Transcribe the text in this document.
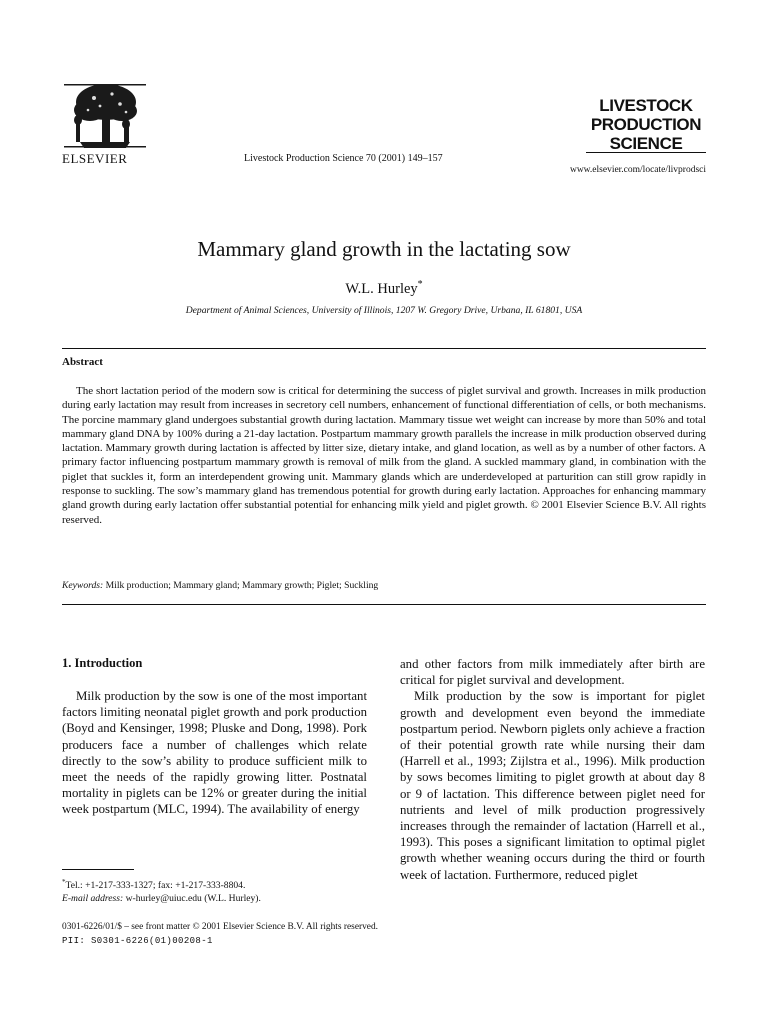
ELSEVIER	Livestock Production Science 70 (2001) 149–157
LIVESTOCK
PRODUCTION
SCIENCE
www.elsevier.com/locate/livprodsci
Mammary gland growth in the lactating sow
W.L. Hurley*
Department of Animal Sciences, University of Illinois, 1207 W. Gregory Drive, Urbana, IL 61801, USA
Abstract

The short lactation period of the modern sow is critical for determining the success of piglet survival and growth. Increases in milk production during early lactation may result from increases in secretory cell numbers, enhancement of functional differentiation of cells, or both mechanisms. The porcine mammary gland undergoes substantial growth during lactation. Mammary tissue wet weight can increase by more than 50% and total mammary gland DNA by 100% during a 21-day lactation. Postpartum mammary growth parallels the increase in milk production observed during lactation. Mammary growth during lactation is affected by litter size, dietary intake, and gland location, as well as by a number of other factors. A primary factor influencing postpartum mammary growth is removal of milk from the gland. A suckled mammary gland, in combination with the piglet that suckles it, form an interdependent growing unit. Mammary glands which are underdeveloped at parturition can still grow rapidly in response to suckling. The sow’s mammary gland has tremendous potential for growth during early lactation. Approaches for enhancing mammary gland growth during early lactation offer substantial potential for enhancing milk yield and piglet growth. © 2001 Elsevier Science B.V. All rights reserved.

Keywords: Milk production; Mammary gland; Mammary growth; Piglet; Suckling
1. Introduction

Milk production by the sow is one of the most important factors limiting neonatal piglet growth and pork production (Boyd and Kensinger, 1998; Pluske and Dong, 1998). Pork producers face a number of challenges which relate directly to the sow’s ability to produce sufficient milk to meet the needs of the rapidly growing litter. Postnatal mortality in piglets can be 12% or greater during the initial week postpartum (MLC, 1994). The availability of energy

and other factors from milk immediately after birth are critical for piglet survival and development.

Milk production by the sow is important for piglet growth and development even beyond the immediate postpartum period. Newborn piglets only achieve a fraction of their potential growth rate while nursing their dam (Harrell et al., 1993; Zijlstra et al., 1996). Milk production by sows becomes limiting to piglet growth at about day 8 or 9 of lactation. This difference between piglet need for nutrients and level of milk production progressively increases through the remainder of lactation (Harrell et al., 1993). This poses a significant limitation to optimal piglet growth whether weaning occurs during the third or fourth week of lactation. Furthermore, reduced piglet

*Tel.: +1-217-333-1327; fax: +1-217-333-8804.
E-mail address: w-hurley@uiuc.edu (W.L. Hurley).
0301-6226/01/$ – see front matter © 2001 Elsevier Science B.V. All rights reserved.
PII: S0301-6226(01)00208-1
